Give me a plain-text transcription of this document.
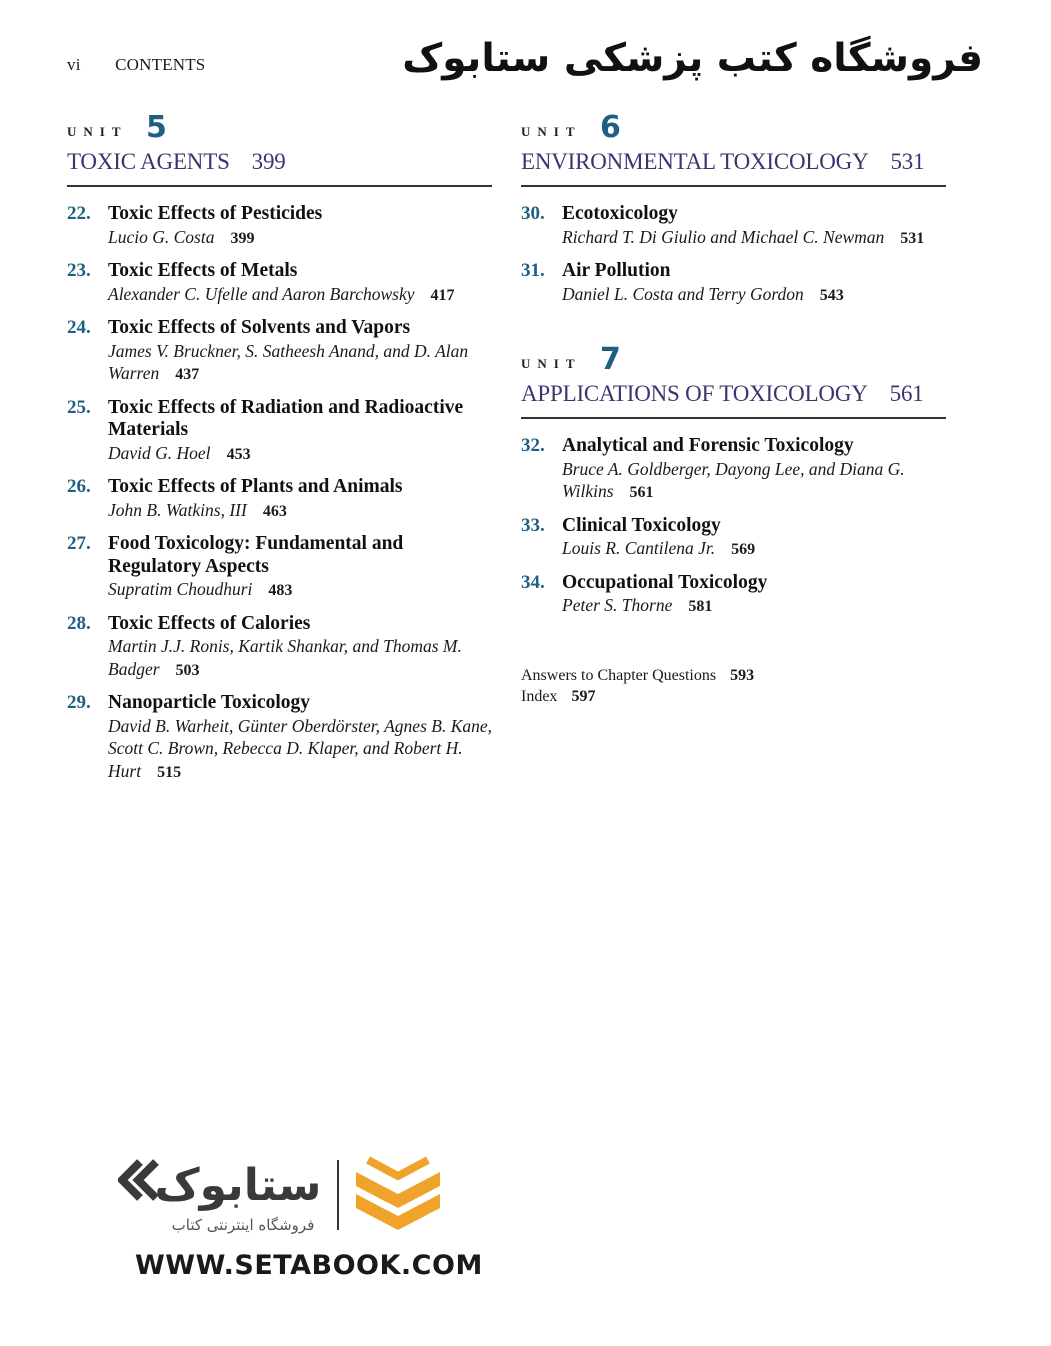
vi CONTENTS	فروشگاه کتب پزشکی ستابوک
UNIT 5
TOXIC AGENTS 399
22. Toxic Effects of Pesticides
Lucio G. Costa 399
23. Toxic Effects of Metals
Alexander C. Ufelle and Aaron Barchowsky 417
24. Toxic Effects of Solvents and Vapors
James V. Bruckner, S. Satheesh Anand, and D. Alan Warren 437
25. Toxic Effects of Radiation and Radioactive Materials
David G. Hoel 453
26. Toxic Effects of Plants and Animals
John B. Watkins, III 463
27. Food Toxicology: Fundamental and Regulatory Aspects
Supratim Choudhuri 483
28. Toxic Effects of Calories
Martin J.J. Ronis, Kartik Shankar, and Thomas M. Badger 503
29. Nanoparticle Toxicology
David B. Warheit, Günter Oberdörster, Agnes B. Kane, Scott C. Brown, Rebecca D. Klaper, and Robert H. Hurt 515
UNIT 6
ENVIRONMENTAL TOXICOLOGY 531
30. Ecotoxicology
Richard T. Di Giulio and Michael C. Newman 531
31. Air Pollution
Daniel L. Costa and Terry Gordon 543
UNIT 7
APPLICATIONS OF TOXICOLOGY 561
32. Analytical and Forensic Toxicology
Bruce A. Goldberger, Dayong Lee, and Diana G. Wilkins 561
33. Clinical Toxicology
Louis R. Cantilena Jr. 569
34. Occupational Toxicology
Peter S. Thorne 581
Answers to Chapter Questions 593
Index 597
ستابوک
فروشگاه اینترنتی کتاب
WWW.SETABOOK.COM
